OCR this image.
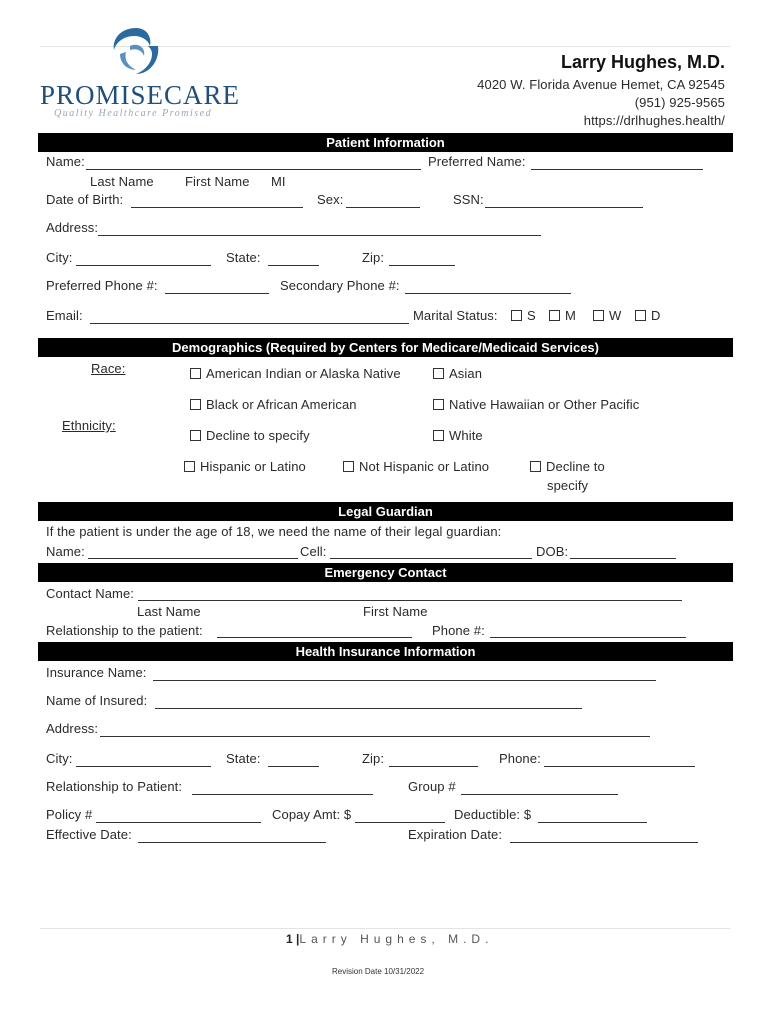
PROMISECARE
Quality Healthcare Promised
Larry Hughes, M.D.
4020 W. Florida Avenue Hemet, CA 92545
(951) 925-9565
https://drlhughes.health/
Patient Information
Name:	Preferred Name:
Last Name First Name MI
Date of Birth:	Sex:	SSN:
Address:
City:	State:	Zip:
Preferred Phone #:	Secondary Phone #:
Email:	Marital Status:	S	M	W	D
Demographics (Required by Centers for Medicare/Medicaid Services)
Race:
Ethnicity:
American Indian or Alaska Native	Asian
Black or African American	Native Hawaiian or Other Pacific
Decline to specify	White
Hispanic or Latino	Not Hispanic or Latino	Decline to
specify
Legal Guardian
If the patient is under the age of 18, we need the name of their legal guardian:
Name:	Cell:	DOB:
Emergency Contact
Contact Name:
Last Name	First Name
Relationship to the patient:	Phone #:
Health Insurance Information
Insurance Name:
Name of Insured:
Address:
City:	State:	Zip:	Phone:
Relationship to Patient:	Group #
Policy #	Copay Amt: $	Deductible: $
Effective Date:	Expiration Date:
1 |Larry Hughes, M.D.
Revision Date 10/31/2022
